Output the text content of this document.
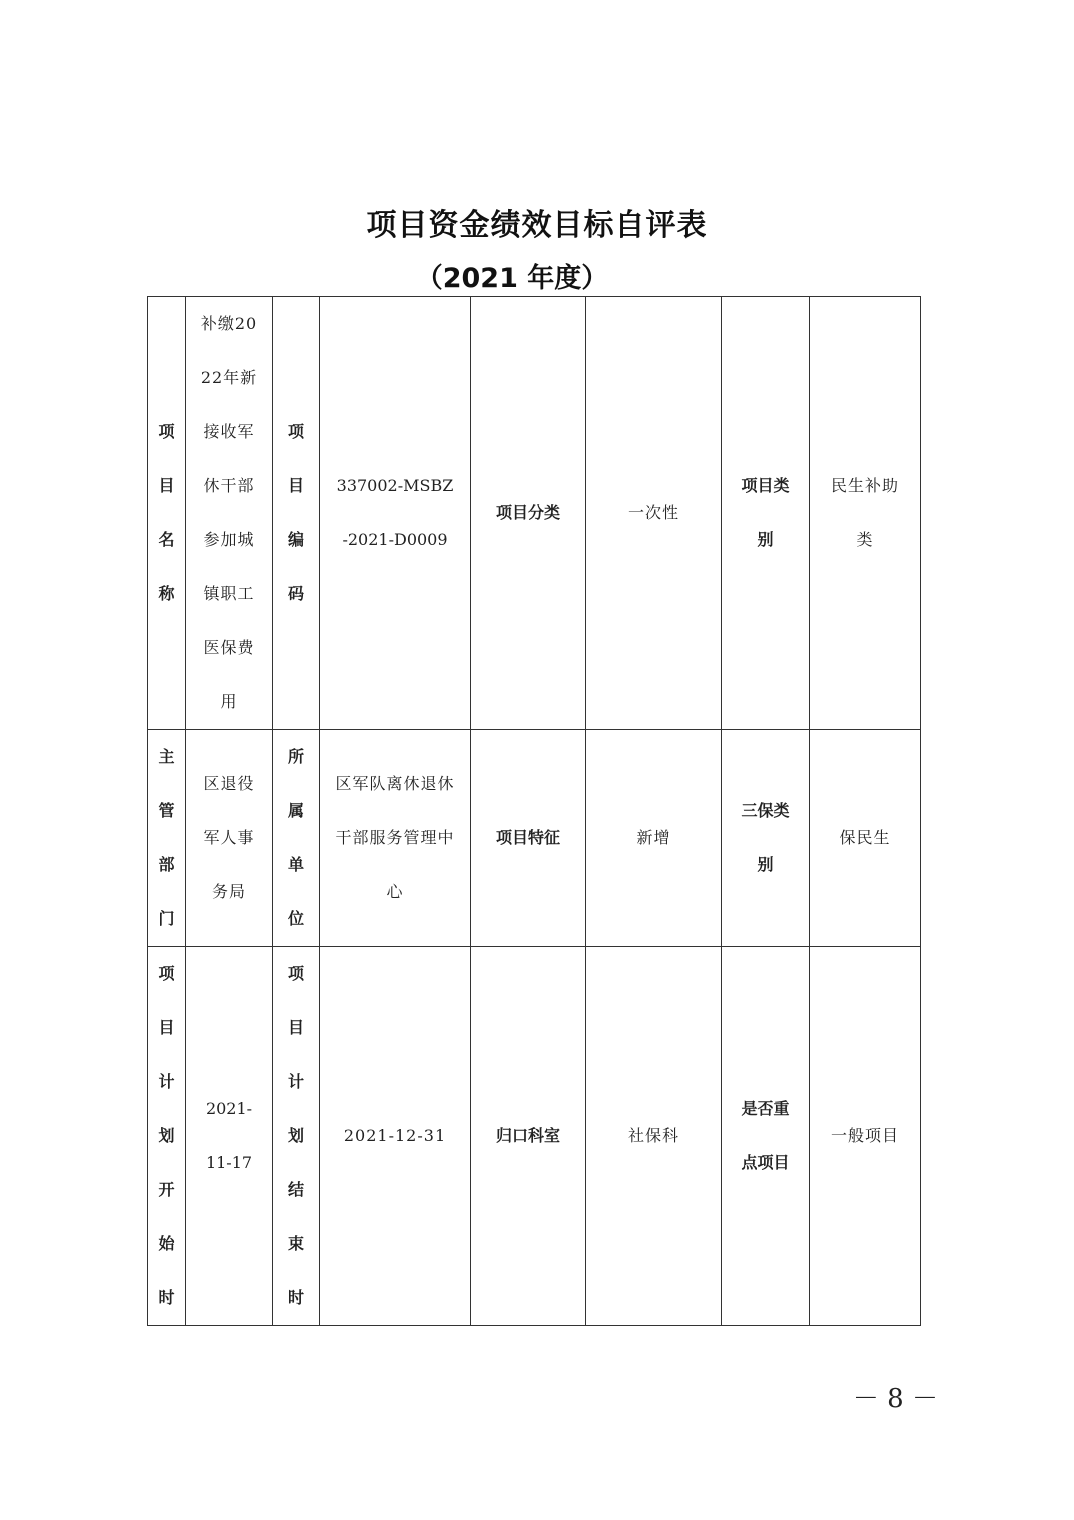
项目资金绩效目标自评表
（2021 年度）
项目名称	补缴2022年新接收军休干部参加城镇职工医保费用	项目编码	337002-MSBZ-2021-D0009	项目分类	一次性	项目类别	民生补助类
主管部门	区退役军人事务局	所属单位	区军队离休退休干部服务管理中心	项目特征	新增	三保类别	保民生
项目计划开始时	2021-11-17	项目计划结束时	2021-12-31	归口科室	社保科	是否重点项目	一般项目
－ 8 －
